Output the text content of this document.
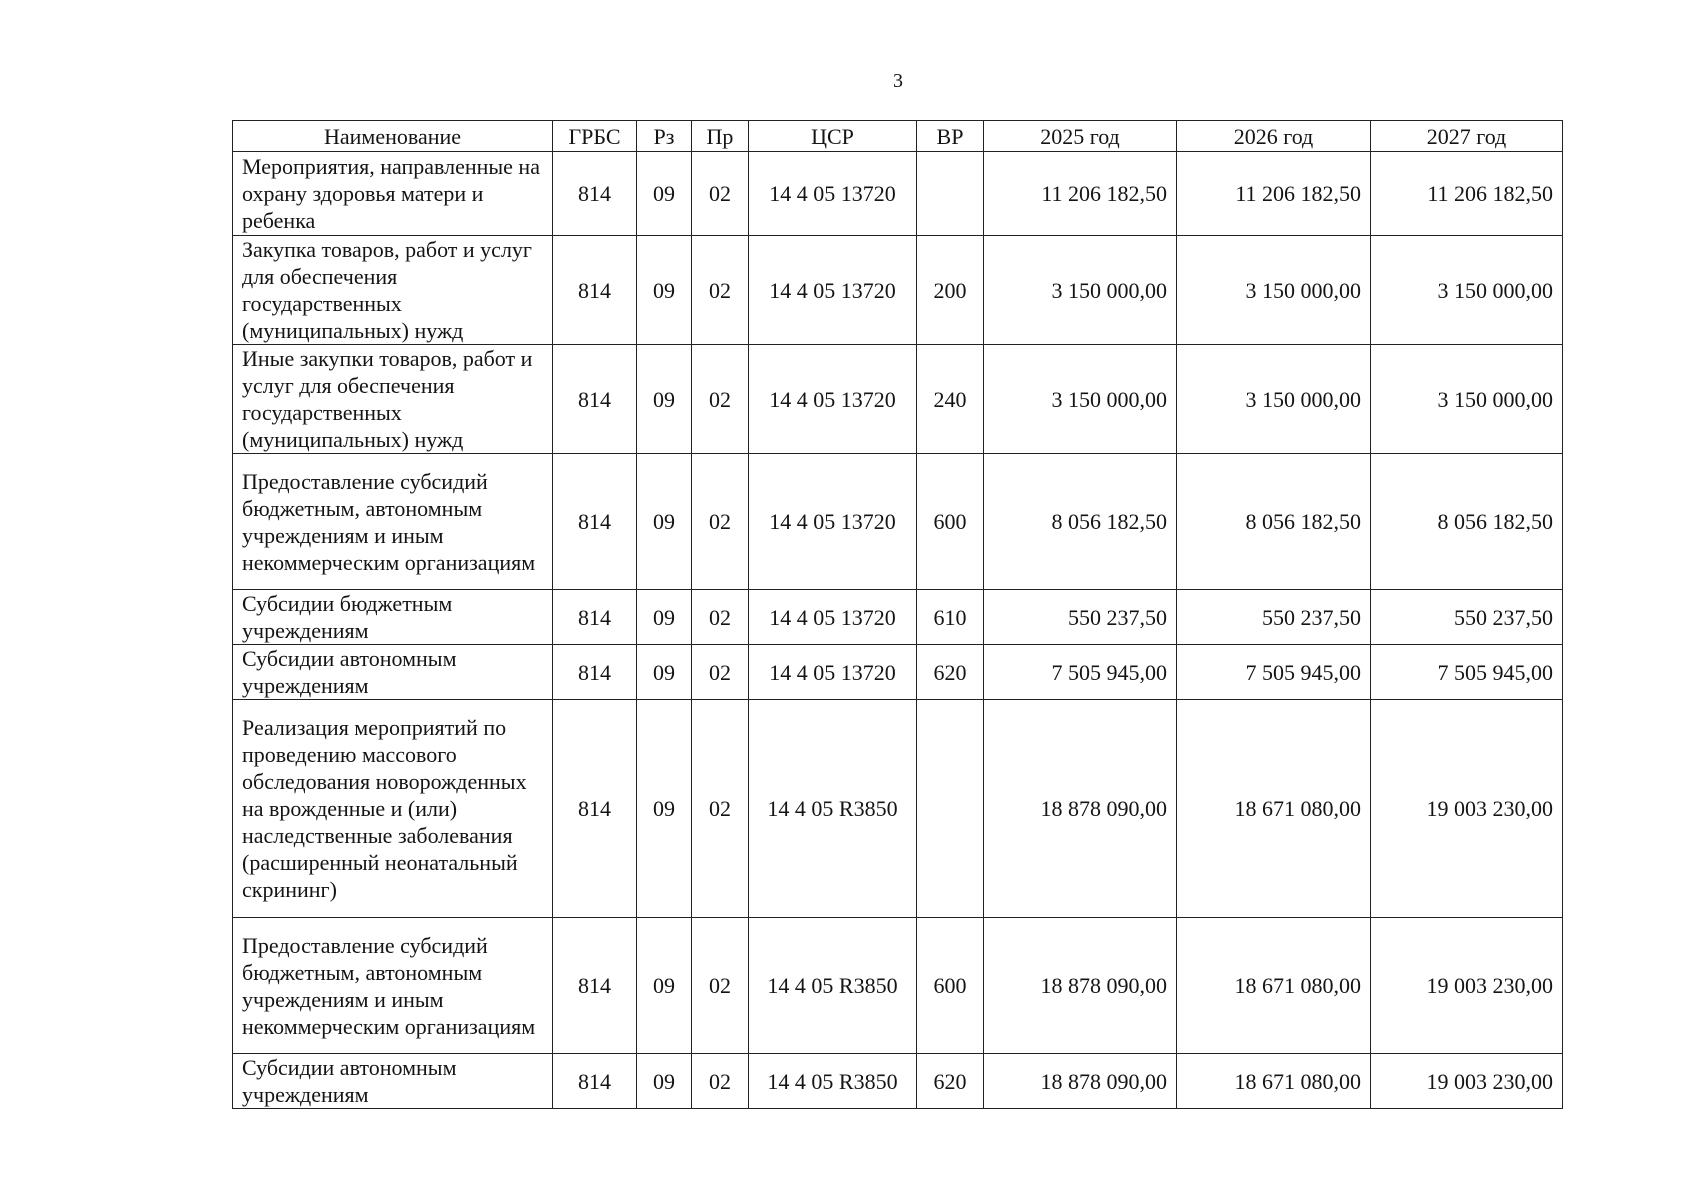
3
Наименование	ГРБС	Рз	Пр	ЦСР	ВР	2025 год	2026 год	2027 год
Мероприятия, направленные на охрану здоровья матери и ребенка	814	09	02	14 4 05 13720		11 206 182,50	11 206 182,50	11 206 182,50
Закупка товаров, работ и услуг для обеспечения государственных (муниципальных) нужд	814	09	02	14 4 05 13720	200	3 150 000,00	3 150 000,00	3 150 000,00
Иные закупки товаров, работ и услуг для обеспечения государственных (муниципальных) нужд	814	09	02	14 4 05 13720	240	3 150 000,00	3 150 000,00	3 150 000,00
Предоставление субсидий бюджетным, автономным учреждениям и иным некоммерческим организациям	814	09	02	14 4 05 13720	600	8 056 182,50	8 056 182,50	8 056 182,50
Субсидии бюджетным учреждениям	814	09	02	14 4 05 13720	610	550 237,50	550 237,50	550 237,50
Субсидии автономным учреждениям	814	09	02	14 4 05 13720	620	7 505 945,00	7 505 945,00	7 505 945,00
Реализация мероприятий по проведению массового обследования новорожденных на врожденные и (или) наследственные заболевания (расширенный неонатальный скрининг)	814	09	02	14 4 05 R3850		18 878 090,00	18 671 080,00	19 003 230,00
Предоставление субсидий бюджетным, автономным учреждениям и иным некоммерческим организациям	814	09	02	14 4 05 R3850	600	18 878 090,00	18 671 080,00	19 003 230,00
Субсидии автономным учреждениям	814	09	02	14 4 05 R3850	620	18 878 090,00	18 671 080,00	19 003 230,00
